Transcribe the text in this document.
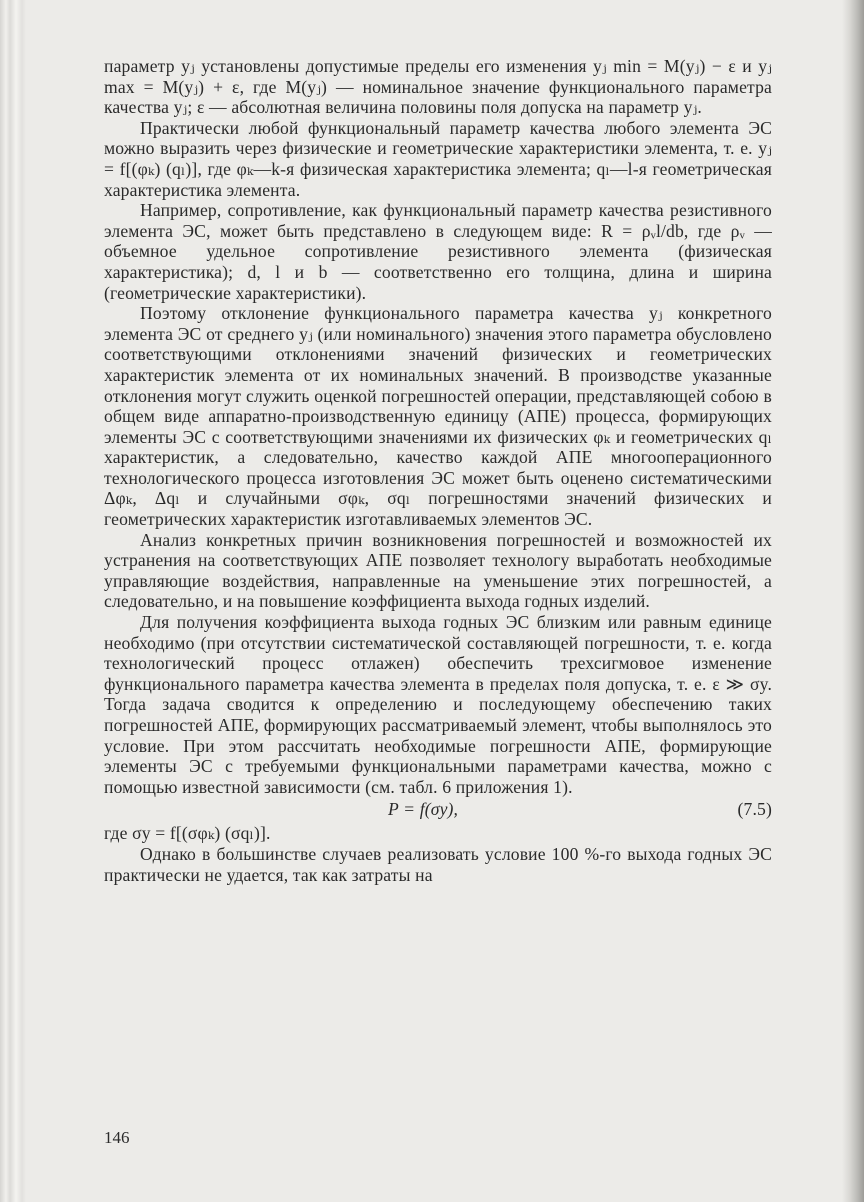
параметр yⱼ установлены допустимые пределы его изменения yⱼ min = M(yⱼ) − ε и yⱼ max = M(yⱼ) + ε, где M(yⱼ) — номинальное значение функционального параметра качества yⱼ; ε — абсолютная величина половины поля допуска на параметр yⱼ.

Практически любой функциональный параметр качества любого элемента ЭС можно выразить через физические и геометрические характеристики элемента, т. е. yⱼ = f[(φₖ) (qₗ)], где φₖ—k-я физическая характеристика элемента; qₗ—l-я геометрическая характеристика элемента.

Например, сопротивление, как функциональный параметр качества резистивного элемента ЭС, может быть представлено в следующем виде: R = ρᵥl/db, где ρᵥ — объемное удельное сопротивление резистивного элемента (физическая характеристика); d, l и b — соответственно его толщина, длина и ширина (геометрические характеристики).

Поэтому отклонение функционального параметра качества yⱼ конкретного элемента ЭС от среднего yⱼ (или номинального) значения этого параметра обусловлено соответствующими отклонениями значений физических и геометрических характеристик элемента от их номинальных значений. В производстве указанные отклонения могут служить оценкой погрешностей операции, представляющей собою в общем виде аппаратно-производственную единицу (АПЕ) процесса, формирующих элементы ЭС с соответствующими значениями их физических φₖ и геометрических qₗ характеристик, а следовательно, качество каждой АПЕ многооперационного технологического процесса изготовления ЭС может быть оценено систематическими Δφₖ, Δqₗ и случайными σφₖ, σqₗ погрешностями значений физических и геометрических характеристик изготавливаемых элементов ЭС.

Анализ конкретных причин возникновения погрешностей и возможностей их устранения на соответствующих АПЕ позволяет технологу выработать необходимые управляющие воздействия, направленные на уменьшение этих погрешностей, а следовательно, и на повышение коэффициента выхода годных изделий.

Для получения коэффициента выхода годных ЭС близким или равным единице необходимо (при отсутствии систематической составляющей погрешности, т. е. когда технологический процесс отлажен) обеспечить трехсигмовое изменение функционального параметра качества элемента в пределах поля допуска, т. е. ε ≫ σy. Тогда задача сводится к определению и последующему обеспечению таких погрешностей АПЕ, формирующих рассматриваемый элемент, чтобы выполнялось это условие. При этом рассчитать необходимые погрешности АПЕ, формирующие элементы ЭС с требуемыми функциональными параметрами качества, можно с помощью известной зависимости (см. табл. 6 приложения 1).

P = f(σy),	(7.5)

где σy = f[(σφₖ) (σqₗ)].

Однако в большинстве случаев реализовать условие 100 %-го выхода годных ЭС практически не удается, так как затраты на

146
